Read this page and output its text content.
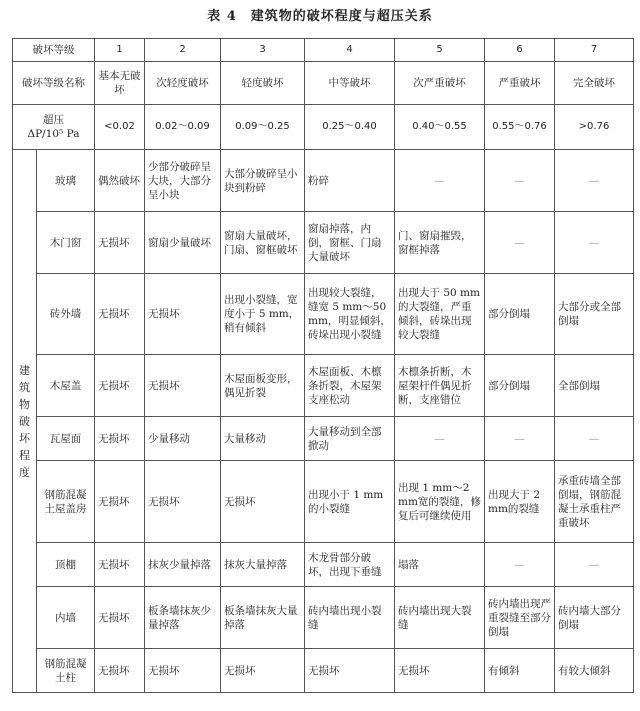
表 4　建筑物的破坏程度与超压关系
破坏等级		1	2	3	4	5	6	7
破坏等级名称		基本无破坏	次轻度破坏	轻度破坏	中等破坏	次严重破坏	严重破坏	完全破坏

超压
ΔP/10⁵ Pa		<0.02	0.02～0.09	0.09～0.25	0.25～0.40	0.40～0.55	0.55～0.76	>0.76
建筑物破坏程度	玻璃	偶然破坏	少部分破碎呈大块，大部分呈小块	大部分破碎呈小块到粉碎	粉碎	—	—	—
	木门窗	无损坏	窗扇少量破坏	窗扇大量破坏，门扇、窗框破坏	窗扇掉落，内倒，窗框、门扇大量破坏	门、窗扇摧毁，窗框掉落	—	—
	砖外墙	无损坏	无损坏	出现小裂缝，宽度小于 5 mm，稍有倾斜	出现较大裂缝，缝宽 5 mm～50 mm，明显倾斜，砖垛出现小裂缝	出现大于 50 mm 的大裂缝，严重倾斜，砖垛出现较大裂缝	部分倒塌	大部分或全部倒塌
	木屋盖	无损坏	无损坏	木屋面板变形，偶见折裂	木屋面板、木檩条折裂，木屋架支座松动	木檩条折断，木屋架杆件偶见折断，支座错位	部分倒塌	全部倒塌
	瓦屋面	无损坏	少量移动	大量移动	大量移动到全部掀动	—	—	—
	钢筋混凝土屋盖房	无损坏	无损坏	无损坏	出现小于 1 mm 的小裂缝	出现 1 mm～2 mm宽的裂缝，修复后可继续使用	出现大于 2 mm的裂缝	承重砖墙全部倒塌，钢筋混凝土承重柱严重破坏
	顶棚	无损坏	抹灰少量掉落	抹灰大量掉落	木龙骨部分破坏，出现下垂缝	塌落	—	—
	内墙	无损坏	板条墙抹灰少量掉落	板条墙抹灰大量掉落	砖内墙出现小裂缝	砖内墙出现大裂缝	砖内墙出现严重裂缝至部分倒塌	砖内墙大部分倒塌
	钢筋混凝土柱	无损坏	无损坏	无损坏	无损坏	无损坏	有倾斜	有较大倾斜
